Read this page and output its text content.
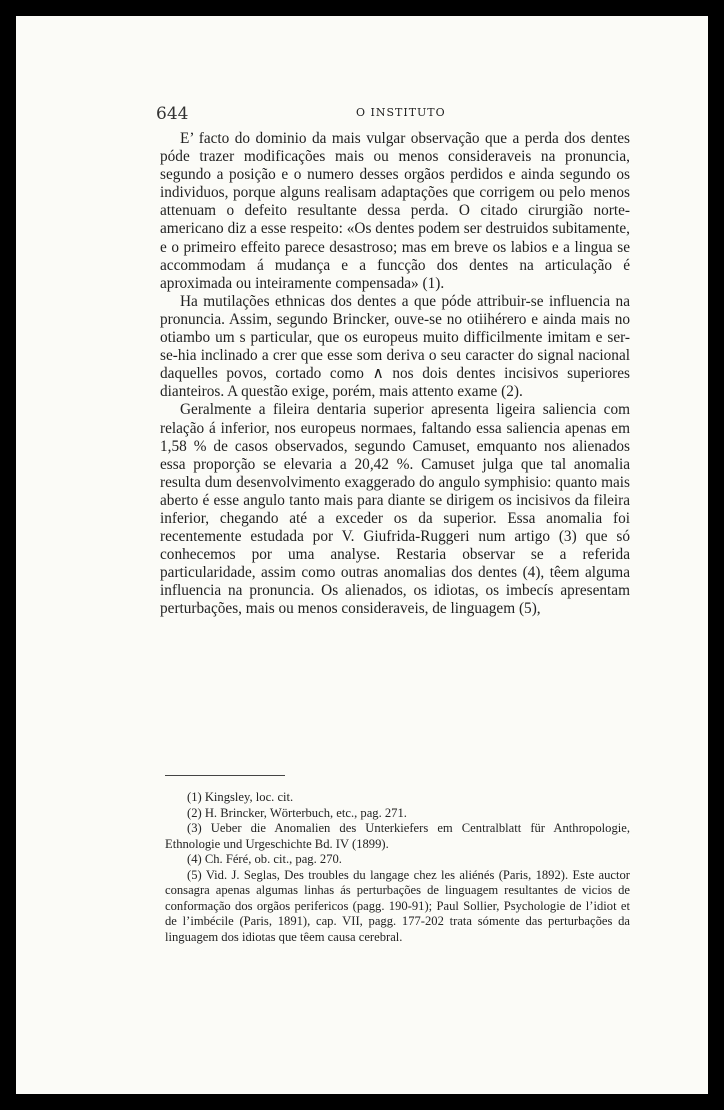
644	O INSTITUTO

E’ facto do dominio da mais vulgar observação que a perda dos dentes póde trazer modificações mais ou menos consideraveis na pronuncia, segundo a posição e o numero desses orgãos perdidos e ainda segundo os individuos, porque alguns realisam adaptações que corrigem ou pelo menos attenuam o defeito resultante dessa perda. O citado cirurgião norte-americano diz a esse respeito: «Os dentes podem ser destruidos subitamente, e o primeiro effeito parece desastroso; mas em breve os labios e a lingua se accommodam á mudança e a funcção dos dentes na articulação é aproximada ou inteiramente compensada» (1).

Ha mutilações ethnicas dos dentes a que póde attribuir-se influencia na pronuncia. Assim, segundo Brincker, ouve-se no otiihérero e ainda mais no otiambo um s particular, que os europeus muito difficilmente imitam e ser-se-hia inclinado a crer que esse som deriva o seu caracter do signal nacional daquelles povos, cortado como ∧ nos dois dentes incisivos superiores dianteiros. A questão exige, porém, mais attento exame (2).

Geralmente a fileira dentaria superior apresenta ligeira saliencia com relação á inferior, nos europeus normaes, faltando essa saliencia apenas em 1,58 % de casos observados, segundo Camuset, emquanto nos alienados essa proporção se elevaria a 20,42 %. Camuset julga que tal anomalia resulta dum desenvolvimento exaggerado do angulo symphisio: quanto mais aberto é esse angulo tanto mais para diante se dirigem os incisivos da fileira inferior, chegando até a exceder os da superior. Essa anomalia foi recentemente estudada por V. Giufrida-Ruggeri num artigo (3) que só conhecemos por uma analyse. Restaria observar se a referida particularidade, assim como outras anomalias dos dentes (4), têem alguma influencia na pronuncia. Os alienados, os idiotas, os imbecís apresentam perturbações, mais ou menos consideraveis, de linguagem (5),

(1) Kingsley, loc. cit.

(2) H. Brincker, Wörterbuch, etc., pag. 271.

(3) Ueber die Anomalien des Unterkiefers em Centralblatt für Anthropologie, Ethnologie und Urgeschichte Bd. IV (1899).

(4) Ch. Féré, ob. cit., pag. 270.

(5) Vid. J. Seglas, Des troubles du langage chez les aliénés (Paris, 1892). Este auctor consagra apenas algumas linhas ás perturbações de linguagem resultantes de vicios de conformação dos orgãos perifericos (pagg. 190-91); Paul Sollier, Psychologie de l’idiot et de l’imbécile (Paris, 1891), cap. VII, pagg. 177-202 trata sómente das perturbações da linguagem dos idiotas que têem causa cerebral.
